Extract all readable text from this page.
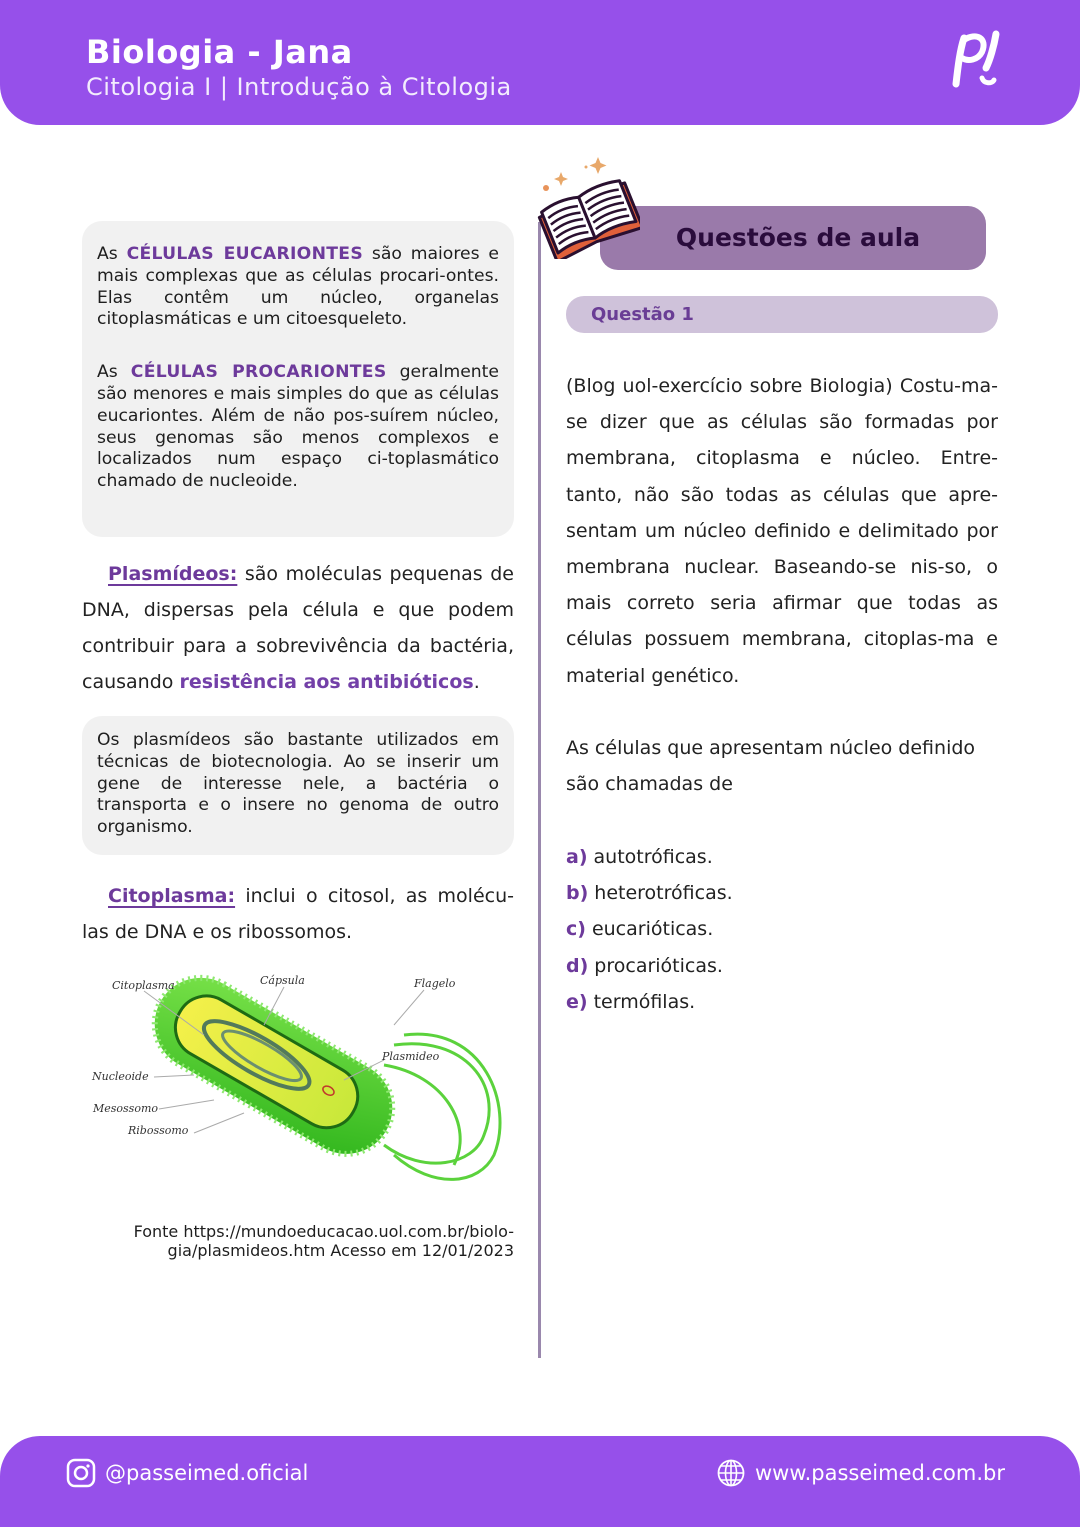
Biologia - Jana
Citologia I | Introdução à Citologia

As CÉLULAS EUCARIONTES são maiores e mais complexas que as células procari-ontes. Elas contêm um núcleo, organelas citoplasmáticas e um citoesqueleto.

As CÉLULAS PROCARIONTES geralmente são menores e mais simples do que as células eucariontes. Além de não pos-suírem núcleo, seus genomas são menos complexos e localizados num espaço ci-toplasmático chamado de nucleoide.

Plasmídeos: são moléculas pequenas de DNA, dispersas pela célula e que podem contribuir para a sobrevivência da bactéria, causando resistência aos antibióticos.

Os plasmídeos são bastante utilizados em técnicas de biotecnologia. Ao se inserir um gene de interesse nele, a bactéria o transporta e o insere no genoma de outro organismo.

Citoplasma: inclui o citosol, as molécu-las de DNA e os ribossomos.

Citoplasma	Cápsula	Flagelo
Plasmideo
Nucleoide
Mesossomo
Ribossomo
Fonte https://mundoeducacao.uol.com.br/biolo-
gia/plasmideos.htm Acesso em 12/01/2023
Questões de aula
Questão 1

(Blog uol-exercício sobre Biologia) Costu-ma-se dizer que as células são formadas por membrana, citoplasma e núcleo. Entre-tanto, não são todas as células que apre-sentam um núcleo definido e delimitado por membrana nuclear. Baseando-se nis-so, o mais correto seria afirmar que todas as células possuem membrana, citoplas-ma e material genético.

As células que apresentam núcleo definido são chamadas de

a) autotróficas.
b) heterotróficas.
c) eucarióticas.
d) procarióticas.
e) termófilas.
@passeimed.oficial	www.passeimed.com.br
